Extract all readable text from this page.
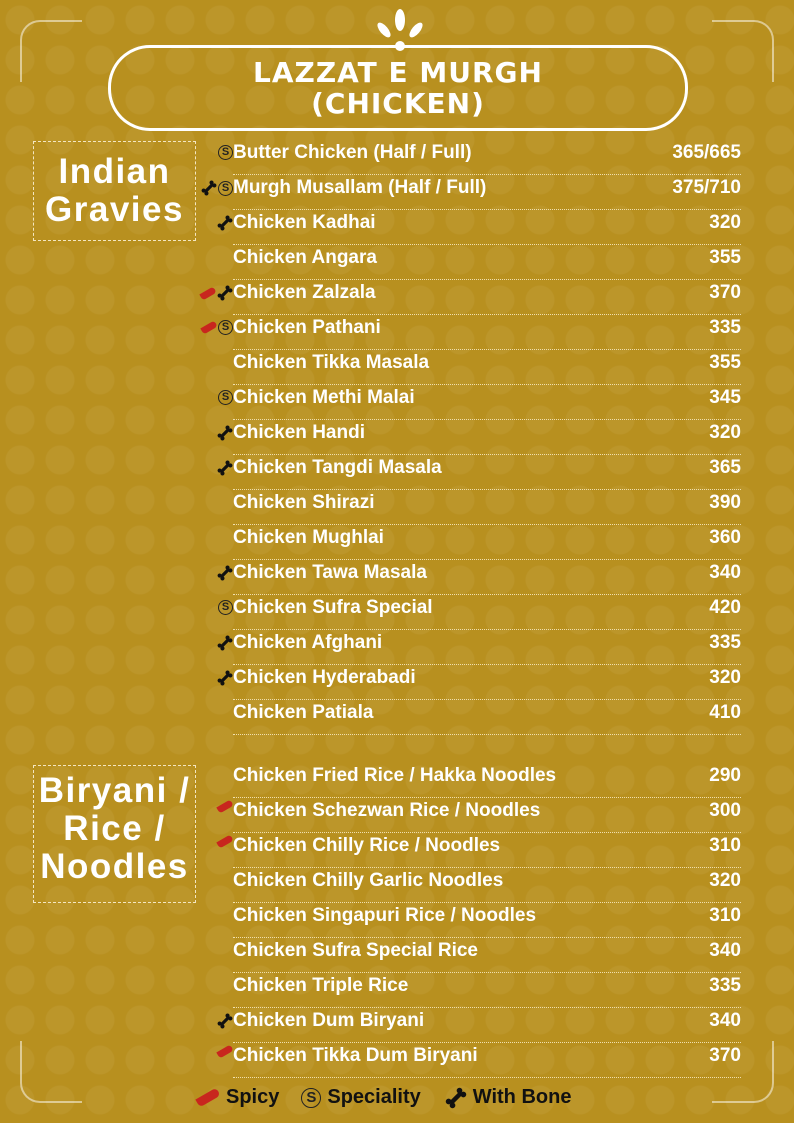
LAZZAT E MURGH
(CHICKEN)
Indian
Gravies
S Butter Chicken (Half / Full)	365/665
S Murgh Musallam (Half / Full)	375/710
Chicken Kadhai	320
Chicken Angara	355
Chicken Zalzala	370
S Chicken Pathani	335
Chicken Tikka Masala	355
S Chicken Methi Malai	345
Chicken Handi	320
Chicken Tangdi Masala	365
Chicken Shirazi	390
Chicken Mughlai	360
Chicken Tawa Masala	340
S Chicken Sufra Special	420
Chicken Afghani	335
Chicken Hyderabadi	320
Chicken Patiala	410
Biryani /
Rice /
Noodles
Chicken Fried Rice / Hakka Noodles	290
Chicken Schezwan Rice / Noodles	300
Chicken Chilly Rice / Noodles	310
Chicken Chilly Garlic Noodles	320
Chicken Singapuri Rice / Noodles	310
Chicken Sufra Special Rice	340
Chicken Triple Rice	335
Chicken Dum Biryani	340
Chicken Tikka Dum Biryani	370
Spicy	S Speciality	With Bone
